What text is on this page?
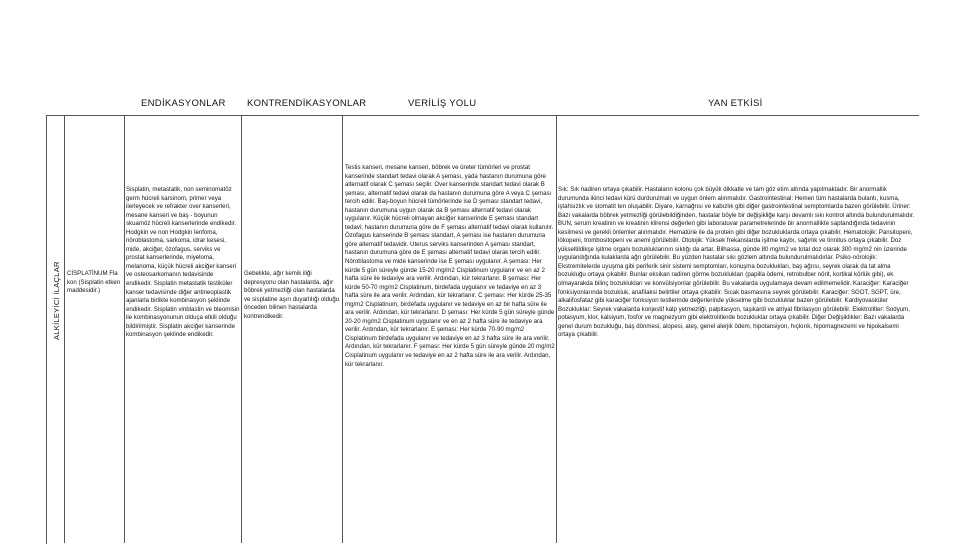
ENDİKASYONLAR KONTRENDİKASYONLAR	VERİLİŞ YOLU	YAN ETKİSİ
ALKİLEYİCİ İLAÇLAR CİSPLATİNUM Fla kon (Sisplatin etken maddesidir.)
Sisplatin, metastatik, non seminomatöz germ hücreli karsinom, primer veya ilerleyecek ve refrakter over kanserleri, mesane kanseri ve baş - boyunun skuamöz hücreli kanserlerinde endikedir. Hodgkin ve non Hodgkin lenfoma, nöroblastoma, sarkoma, idrar kesesi, mide, akciğer, özofagus, serviks ve prostat kanserlerinde, miyeloma, melanoma, küçük hücreli akciğer kanseri ve osteosarkomanın tedavisinde endikedir. Sisplatin metastatik testiküler kanser tedavisinde diğer antineoplastik ajanlarla birlikte kombinasyon şeklinde endikedir. Sisplatin vinblastin ve bleomisin ile kombinasyonunun olduça etkili olduğu bildirilmiştir. Sisplatin akciğer kanserinde kombinasyon şeklinde endikedir.
Gebelikte, ağır kemik iliği depresyonu olan hastalarda, ağır böbrek yetmezliği olan hastalarda ve sisplatine aşırı duyarlılığı olduğu önceden bilinen hastalarda kontrendikedir.
Testis kanseri, mesane kanseri, böbrek ve üreter tümörleri ve prostat kanserinde standart tedavi olarak A şeması, yada hastanın durumuna göre alternatif olarak C şeması seçilir. Over kanserinde standart tedavi olarak B şeması, alternatif tedavi olarak da hastanın durumuna göre A veya C şeması tercih edilir. Baş-boyun hücreli tümörlerinde ise D şeması standart tedavi, hastanın durumuna uygun olarak da B şeması alternatif tedavi olarak uygulanır. Küçük hücreli olmayan akciğer kanserinde E şeması standart tedavi; hastanın durumuna göre de F şeması alternatif tedavi olarak kullanılır. Özofagus kanserinde B şeması standart, A şeması ise hastanın durumuna göre alternatif tedavidir. Uterus serviks kanserinden A şeması standart, hastanın durumuna göre de E şeması alternatif tedavi olarak tercih edilir. Nöroblastoma ve mide kanserinde ise E şeması uygulanır. A şeması: Her kürde 5 gün süreyle günde 15-20 mg/m2 Cisplatinum uygulanır ve en az 2 hafta süre ile tedaviye ara verilir. Ardından, kür tekrarlanır. B şeması: Her kürde 50-70 mg/m2 Cisplatinum, birdefada uygulanır ve tedaviye en az 3 hafta süre ile ara verilir. Ardından, kür tekrarlanır. C şeması: Her kürde 25-35 mg/m2 Cisplatinum, birdefada uygulanır ve tedaviye en az bir hafta süre ile ara verilir. Ardından, kür tekrarlanır. D şeması: Her kürde 5 gün süreyle günde 20-20 mg/m2 Cisplatinum uygulanır ve en az 2 hafta süre ile tedaviye ara verilir. Ardından, kür tekrarlanır. E şeması: Her kürde 70-90 mg/m2 Cisplatinum birdefada uygulanır ve tedaviye en az 3 hafta süre ile ara verilir. Ardından, kür tekrarlanır. F şeması: Her kürde 5 gün süreyle günde 20 mg/m2 Cisplatinum uygulanır ve tedaviye en az 2 hafta süre ile ara verilir. Ardından, kür tekrarlanır.
Sık: Sık nadiren ortaya çıkabilir. Hastaların kolonu çok büyük dikkatle ve tam göz etim altında yapılmaktadır. Bir anormallik durumunda ikinci tedavi kürü durdurulmalı ve uygun önlem alınmalıdır. Gastrointestinal: Hemen tüm hastalarda bulantı, kusma, iştahsızlık ve stomatit ten oluşabilir. Diyare, karnağrısı ve kabızlık gibi diğer gastrointestinal semptomlarda bazen görülebilir. Üriner: Bazı vakalarda böbrek yetmezliği görülebildiğinden, hastalar böyle bir değişikliğe karşı devamlı sıkı kontrol altında bulundurulmalıdır. BUN, serum kreatinin ve kreatinin klirensi değerleri gibi laboratuvar parametrelerinde bir anormallikte saptandığında tedavinin kesilmesi ve gerekli önlemler alınmalıdır. Hematürie ile da protein gibi diğer bozukluklarda ortaya çıkabilir. Hematolojik: Pansitopeni, lökopeni, trombositopeni ve anemi görülebilir. Otolojik: Yüksek frekanslarda işitme kaybı, sağırlık ve tinnitus ortaya çıkabilir. Doz yükseltildikçe işitme organı bozukluklarının sıklığı da artar. Bilhassa, günde 80 mg/m2 ve total doz olarak 300 mg/m2 nin üzerinde uygulandığında kulaklarda ağrı görülebilir. Bu yüzden hastalar sıkı gözlem altında bulundurulmalıdırlar. Psiko-nörolojik: Ekstremitelerde uyuşma gibi periferik sinir sistemi semptomları, konuşma bozuklukları, baş ağrısı, seyrek olarak da tat alma bozukluğu ortaya çıkabilir. Bunlar eksikan radiren görme bozuklukları (papilla ödemi, retrobulber nörit, kortikal körlük gibi), ek olmayarakda bilinç bozuklukları ve konvülsiyonlar görülebilir. Bu vakalarda uygulamaya devam edilmemelidir. Karaciğer: Karaciğer fonksiyonlarında bozukluk, anafilaksi belirtiler ortaya çıkabilir. Sıcak basmasına seyrek görülebilir. Karaciğer: SGOT, SGPT, üre, alkalifosfataz gibi karaciğer fonksiyon testlerinde değerlerinde yükselme gibi bozukluklar bazen görülebilir. Kardiyovasküler Bozukluklar: Seyrek vakalarda konjestif kalp yetmezliği, palpitasyon, taşikardi ve atriyal fibrilasyon görülebilir. Elektrolitler: Sodyum, potasyum, klor, kalsiyum, fosfor ve magnezyum gibi elektrolitlerde bozukluklar ortaya çıkabilir. Diğer Değişiklikler: Bazı vakalarda genel durum bozukluğu, baş dönmesi, alopesi, ateş, genel alerjik ödem, hipotansiyon, hıçkırık, hipomagnezemi ve hipokalsemi ortaya çıkabilir.
